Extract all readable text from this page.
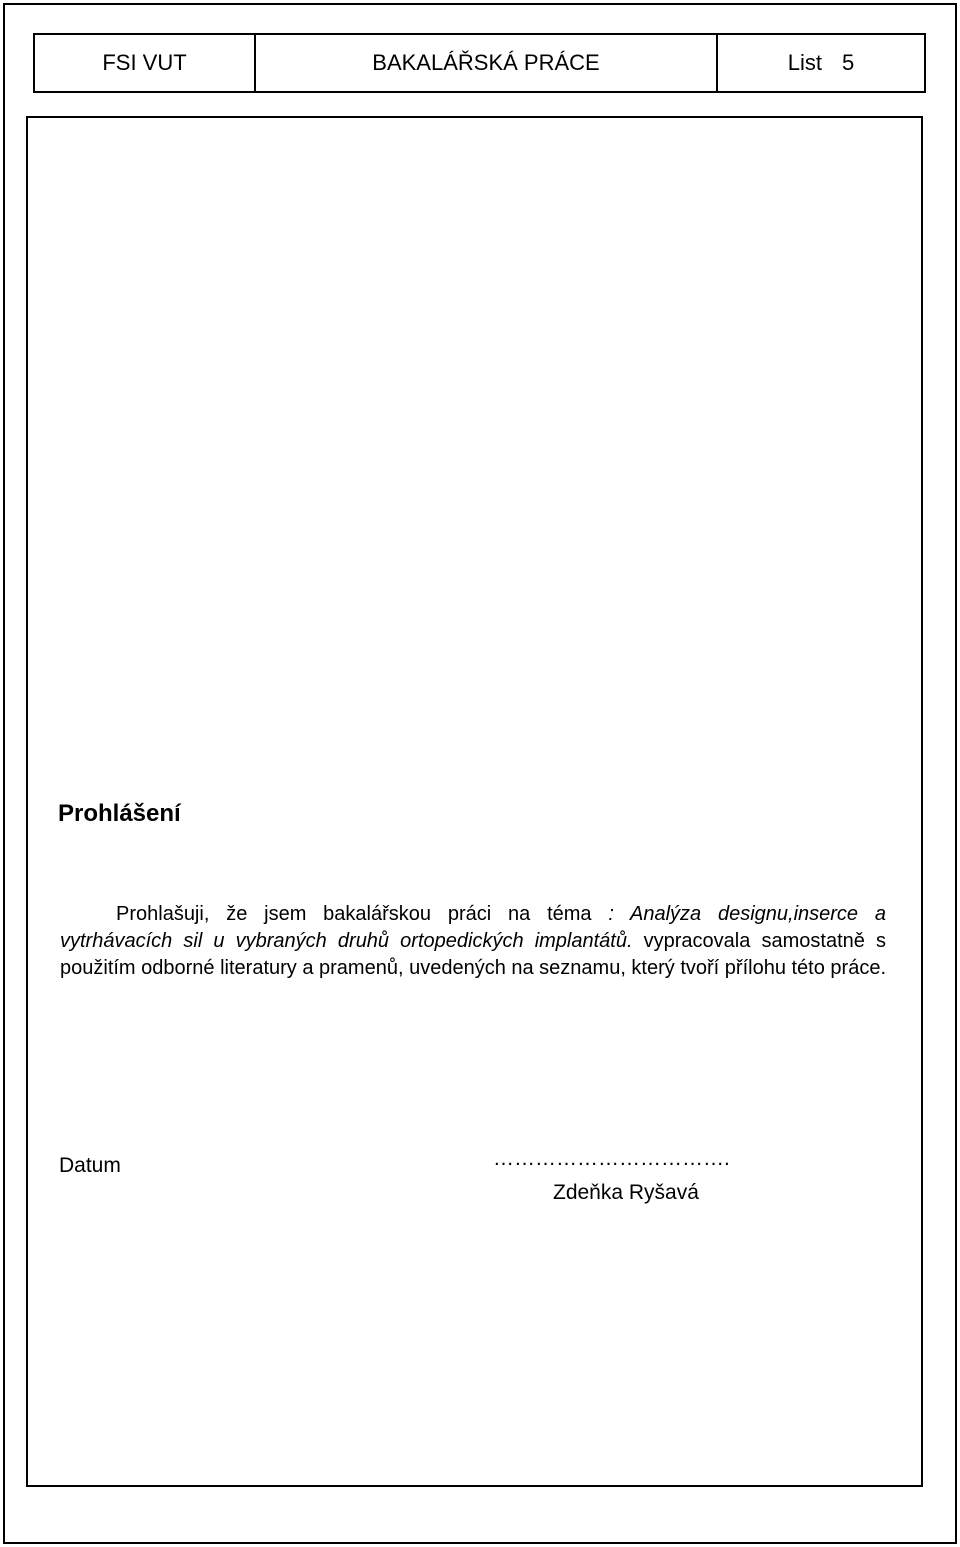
FSI VUT	BAKALÁŘSKÁ PRÁCE	List 5
Prohlášení

Prohlašuji, že jsem bakalářskou práci na téma : Analýza designu,inserce a vytrhávacích sil u vybraných druhů ortopedických implantátů. vypracovala samostatně s použitím odborné literatury a pramenů, uvedených na seznamu, který tvoří přílohu této práce.

Datum	…………………………….
Zdeňka Ryšavá
